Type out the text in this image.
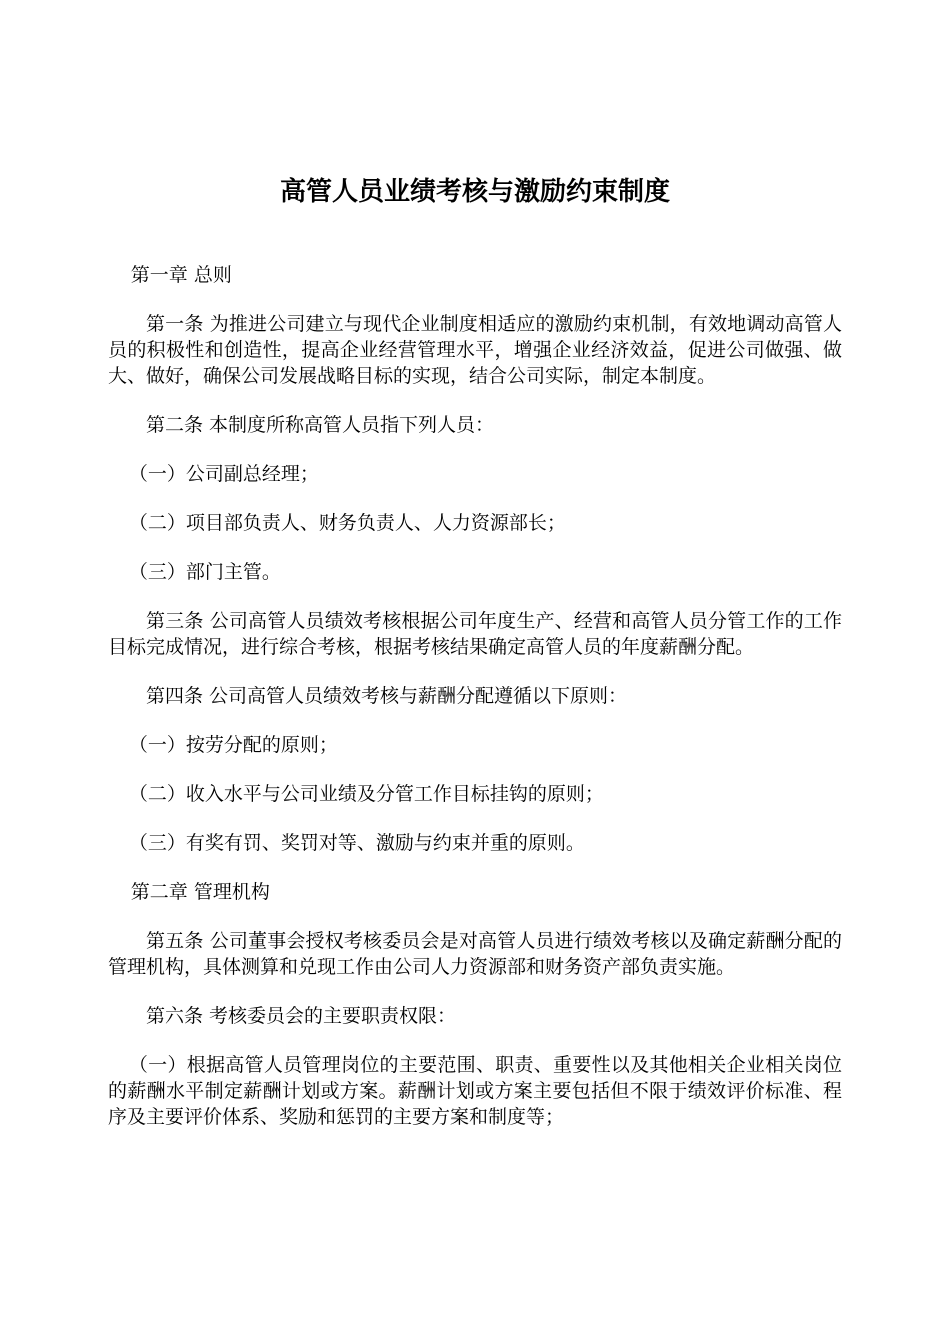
高管人员业绩考核与激励约束制度

第一章 总则

第一条 为推进公司建立与现代企业制度相适应的激励约束机制，有效地调动高管人员的积极性和创造性，提高企业经营管理水平，增强企业经济效益，促进公司做强、做大、做好，确保公司发展战略目标的实现，结合公司实际，制定本制度。

第二条 本制度所称高管人员指下列人员：

（一）公司副总经理；

（二）项目部负责人、财务负责人、人力资源部长；

（三）部门主管。

第三条 公司高管人员绩效考核根据公司年度生产、经营和高管人员分管工作的工作目标完成情况，进行综合考核，根据考核结果确定高管人员的年度薪酬分配。

第四条 公司高管人员绩效考核与薪酬分配遵循以下原则：

（一）按劳分配的原则；

（二）收入水平与公司业绩及分管工作目标挂钩的原则；

（三）有奖有罚、奖罚对等、激励与约束并重的原则。

第二章 管理机构

第五条 公司董事会授权考核委员会是对高管人员进行绩效考核以及确定薪酬分配的管理机构，具体测算和兑现工作由公司人力资源部和财务资产部负责实施。

第六条 考核委员会的主要职责权限：

（一）根据高管人员管理岗位的主要范围、职责、重要性以及其他相关企业相关岗位的薪酬水平制定薪酬计划或方案。薪酬计划或方案主要包括但不限于绩效评价标准、程序及主要评价体系、奖励和惩罚的主要方案和制度等；
